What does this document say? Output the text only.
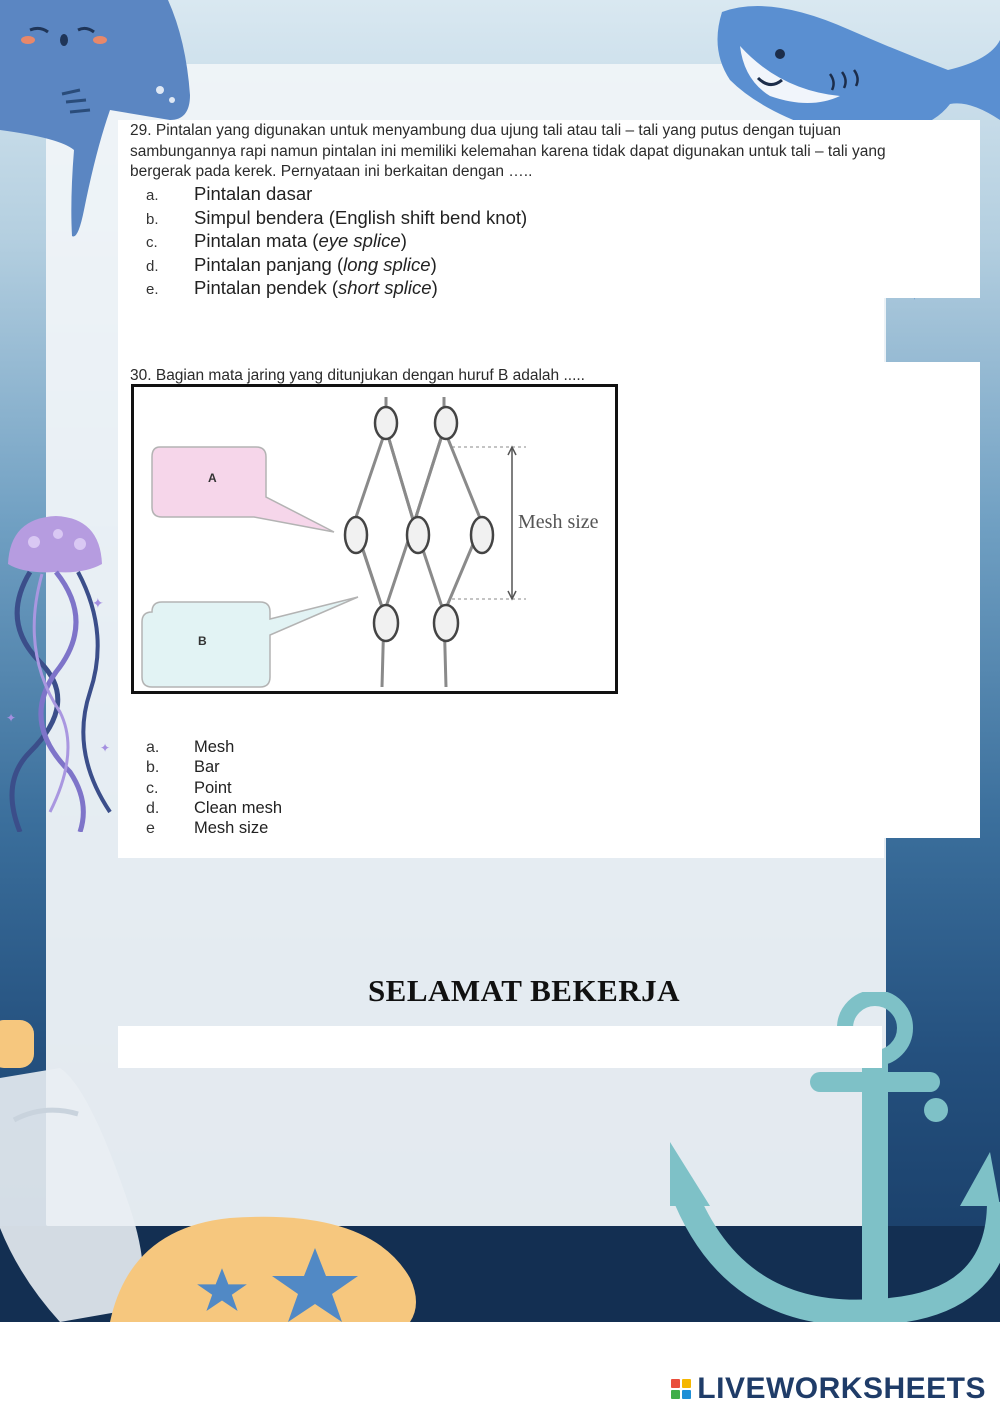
✦
✦
✦
29. Pintalan yang digunakan untuk menyambung dua ujung tali atau tali – tali yang putus dengan tujuan sambungannya rapi namun pintalan ini memiliki kelemahan karena tidak dapat digunakan untuk tali – tali yang bergerak pada kerek. Pernyataan ini berkaitan dengan …..
a.	Pintalan dasar
b.	Simpul bendera (English shift bend knot)
c.	Pintalan mata (eye splice)
d.	Pintalan panjang (long splice)
e.	Pintalan pendek (short splice)
30. Bagian mata jaring yang ditunjukan dengan huruf B adalah .....
A
B
Mesh size
a.	Mesh
b.	Bar
c.	Point
d.	Clean mesh
e	Mesh size
SELAMAT BEKERJA
LIVEWORKSHEETS
